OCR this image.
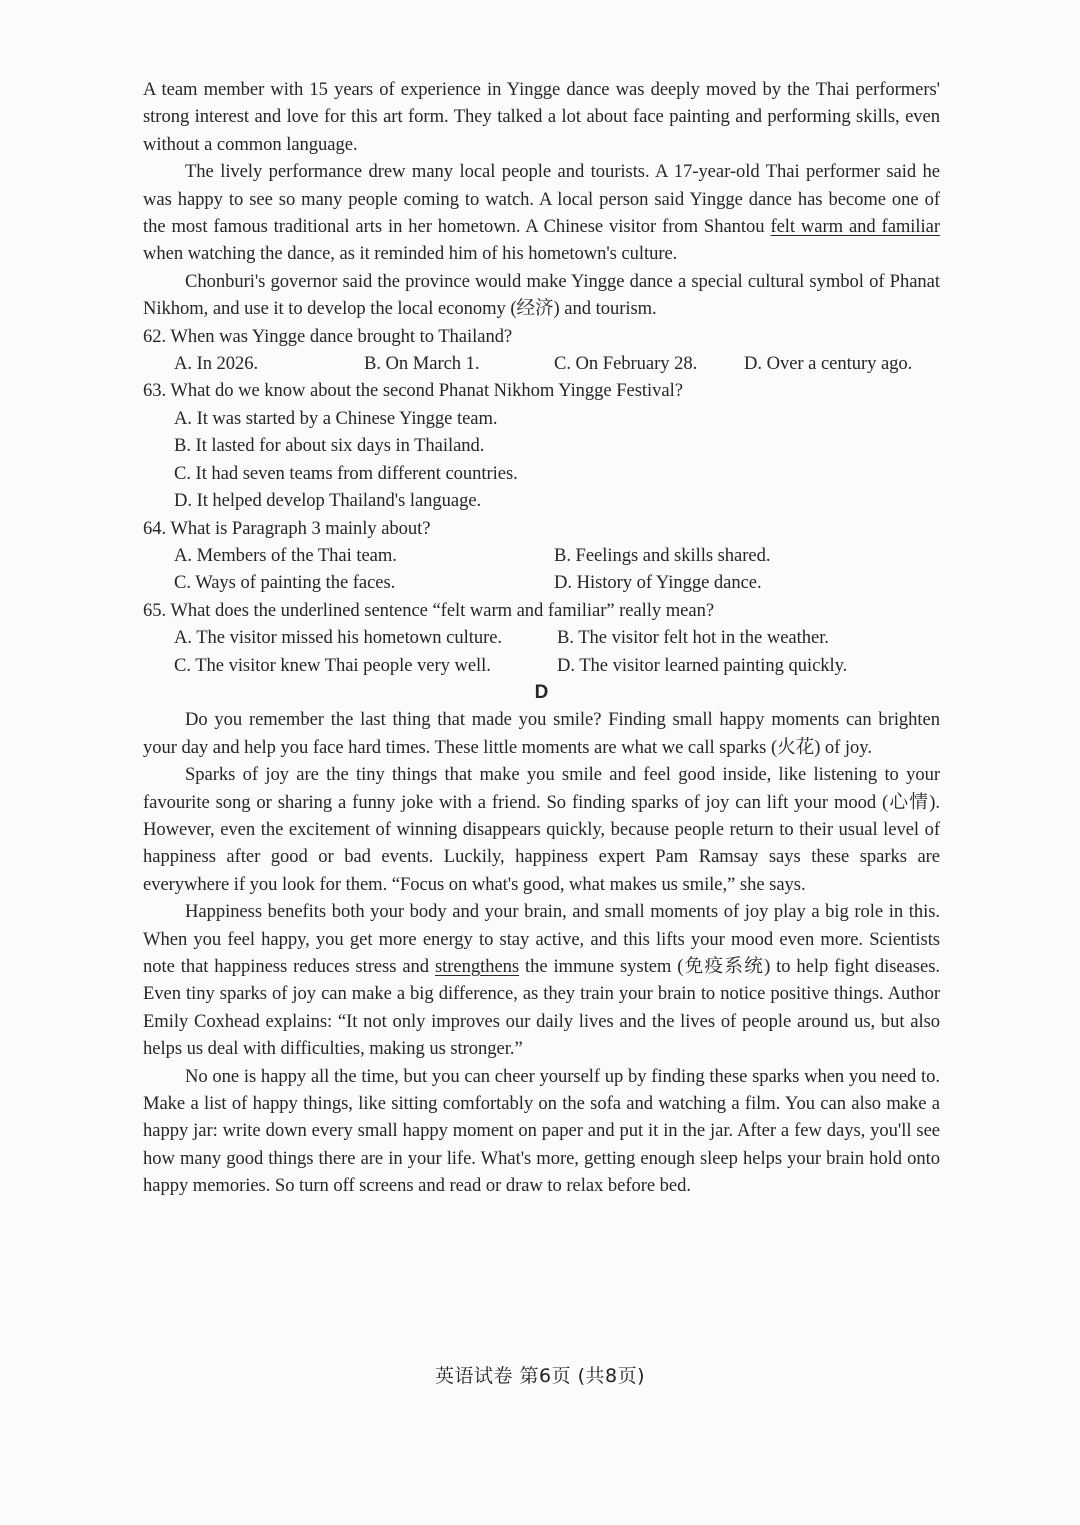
A team member with 15 years of experience in Yingge dance was deeply moved by the Thai performers' strong interest and love for this art form. They talked a lot about face painting and performing skills, even without a common language.

The lively performance drew many local people and tourists. A 17-year-old Thai performer said he was happy to see so many people coming to watch. A local person said Yingge dance has become one of the most famous traditional arts in her hometown. A Chinese visitor from Shantou felt warm and familiar when watching the dance, as it reminded him of his hometown's culture.

Chonburi's governor said the province would make Yingge dance a special cultural symbol of Phanat Nikhom, and use it to develop the local economy (经济) and tourism.

62. When was Yingge dance brought to Thailand?
A. In 2026.	B. On March 1.	C. On February 28.	D. Over a century ago.
63. What do we know about the second Phanat Nikhom Yingge Festival?
A. It was started by a Chinese Yingge team.
B. It lasted for about six days in Thailand.
C. It had seven teams from different countries.
D. It helped develop Thailand's language.
64. What is Paragraph 3 mainly about?
A. Members of the Thai team.	B. Feelings and skills shared.
C. Ways of painting the faces.	D. History of Yingge dance.
65. What does the underlined sentence “felt warm and familiar” really mean?
A. The visitor missed his hometown culture.	B. The visitor felt hot in the weather.
C. The visitor knew Thai people very well.	D. The visitor learned painting quickly.
D

Do you remember the last thing that made you smile? Finding small happy moments can brighten your day and help you face hard times. These little moments are what we call sparks (火花) of joy.

Sparks of joy are the tiny things that make you smile and feel good inside, like listening to your favourite song or sharing a funny joke with a friend. So finding sparks of joy can lift your mood (心情). However, even the excitement of winning disappears quickly, because people return to their usual level of happiness after good or bad events. Luckily, happiness expert Pam Ramsay says these sparks are everywhere if you look for them. “Focus on what's good, what makes us smile,” she says.

Happiness benefits both your body and your brain, and small moments of joy play a big role in this. When you feel happy, you get more energy to stay active, and this lifts your mood even more. Scientists note that happiness reduces stress and strengthens the immune system (免疫系统) to help fight diseases. Even tiny sparks of joy can make a big difference, as they train your brain to notice positive things. Author Emily Coxhead explains: “It not only improves our daily lives and the lives of people around us, but also helps us deal with difficulties, making us stronger.”

No one is happy all the time, but you can cheer yourself up by finding these sparks when you need to. Make a list of happy things, like sitting comfortably on the sofa and watching a film. You can also make a happy jar: write down every small happy moment on paper and put it in the jar. After a few days, you'll see how many good things there are in your life. What's more, getting enough sleep helps your brain hold onto happy memories. So turn off screens and read or draw to relax before bed.

英语试卷 第6页 (共8页)
